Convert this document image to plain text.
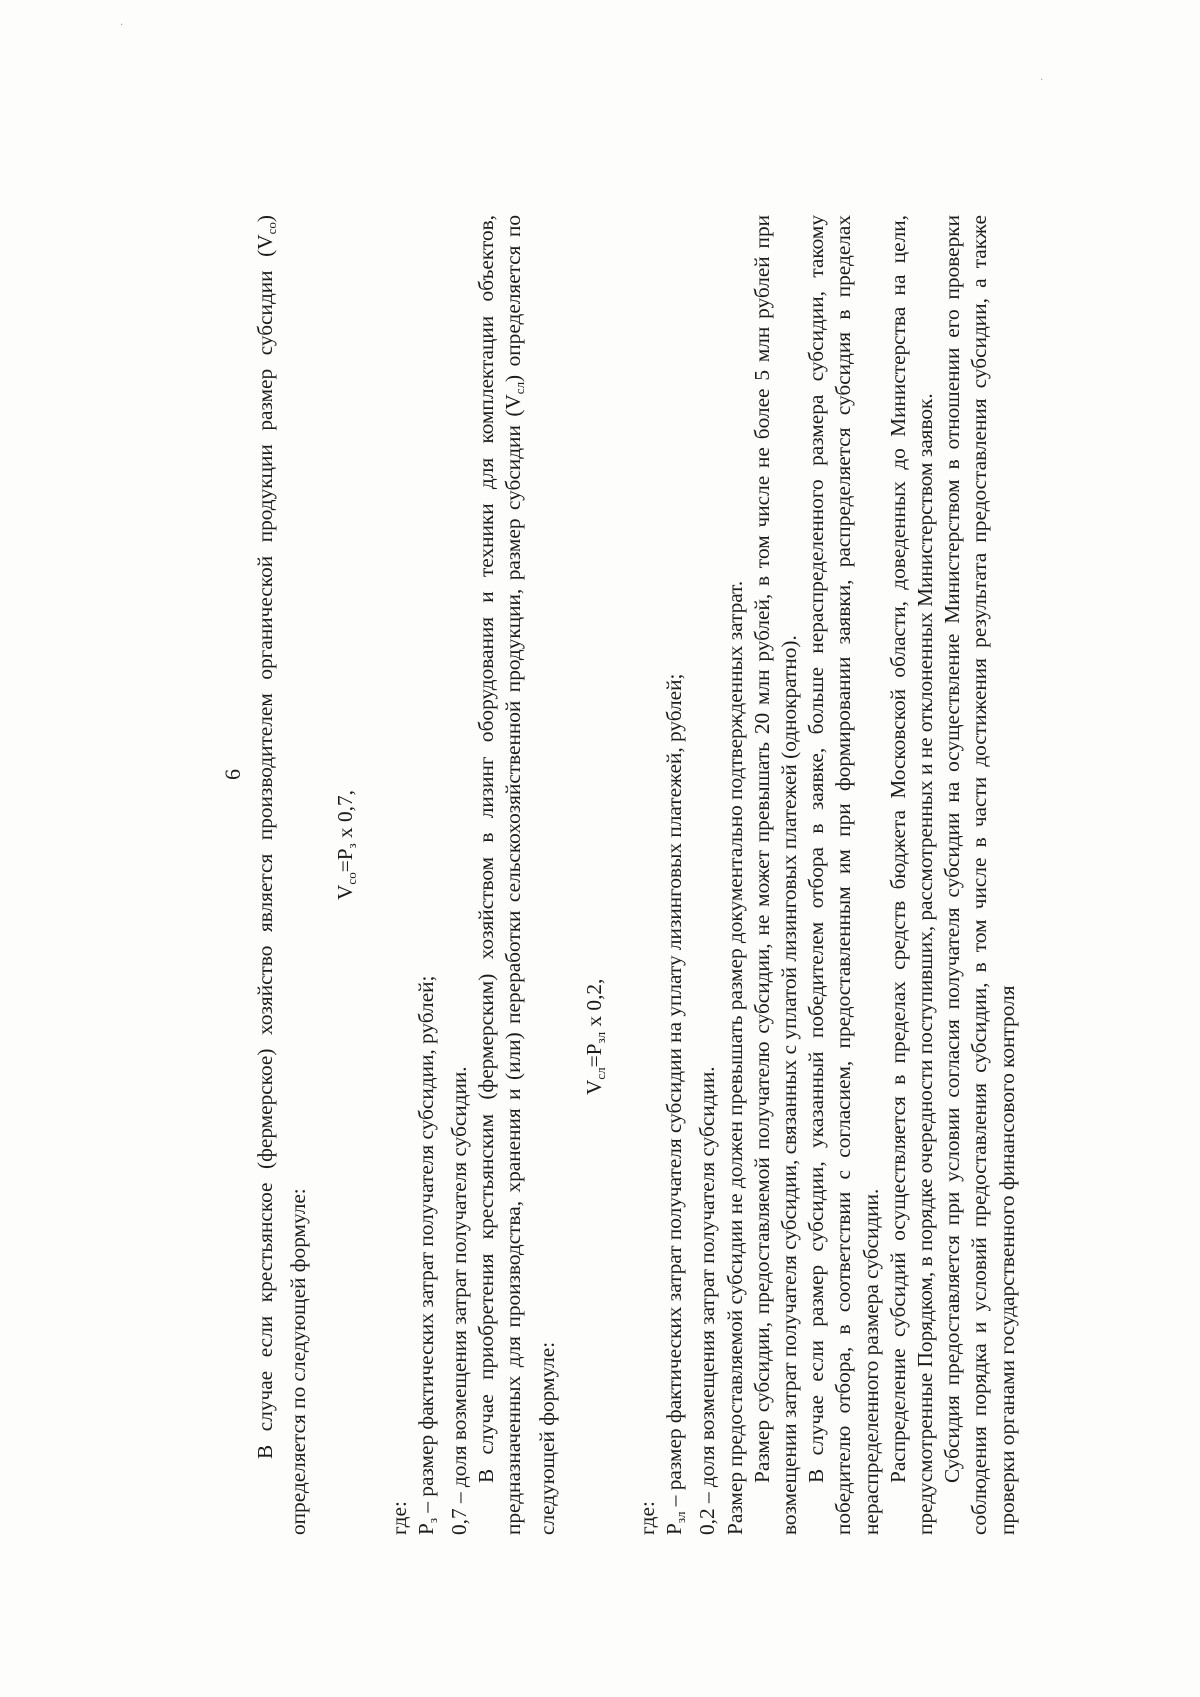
·
·
6 В случае если крестьянское (фермерское) хозяйство является производителем органической продукции размер субсидии $(V_{со})$ определяется по следующей формуле:

$V_{со}=Р_з$ х 0,7,

где: $Р_з$ – размер фактических затрат получателя субсидии, рублей; 0,7 – доля возмещения затрат получателя субсидии. В случае приобретения крестьянским (фермерским) хозяйством в лизинг оборудования и техники для комплектации объектов, предназначенных для производства, хранения и (или) переработки сельскохозяйственной продукции, размер субсидии $(V_{сл})$ определяется по следующей формуле:

$V_{сл}=Р_{зл}$ х 0,2,

где: $Р_{зл}$ – размер фактических затрат получателя субсидии на уплату лизинговых платежей, рублей; 0,2 – доля возмещения затрат получателя субсидии. Размер предоставляемой субсидии не должен превышать размер документально подтвержденных затрат. Размер субсидии, предоставляемой получателю субсидии, не может превышать 20 млн рублей, в том числе не более 5 млн рублей при возмещении затрат получателя субсидии, связанных с уплатой лизинговых платежей (однократно). В случае если размер субсидии, указанный победителем отбора в заявке, больше нераспределенного размера субсидии, такому победителю отбора, в соответствии с согласием, предоставленным им при формировании заявки, распределяется субсидия в пределах нераспределенного размера субсидии. Распределение субсидий осуществляется в пределах средств бюджета Московской области, доведенных до Министерства на цели, предусмотренные Порядком, в порядке очередности поступивших, рассмотренных и не отклоненных Министерством заявок. Субсидия предоставляется при условии согласия получателя субсидии на осуществление Министерством в отношении его проверки соблюдения порядка и условий предоставления субсидии, в том числе в части достижения результата предоставления субсидии, а также проверки органами государственного финансового контроля
